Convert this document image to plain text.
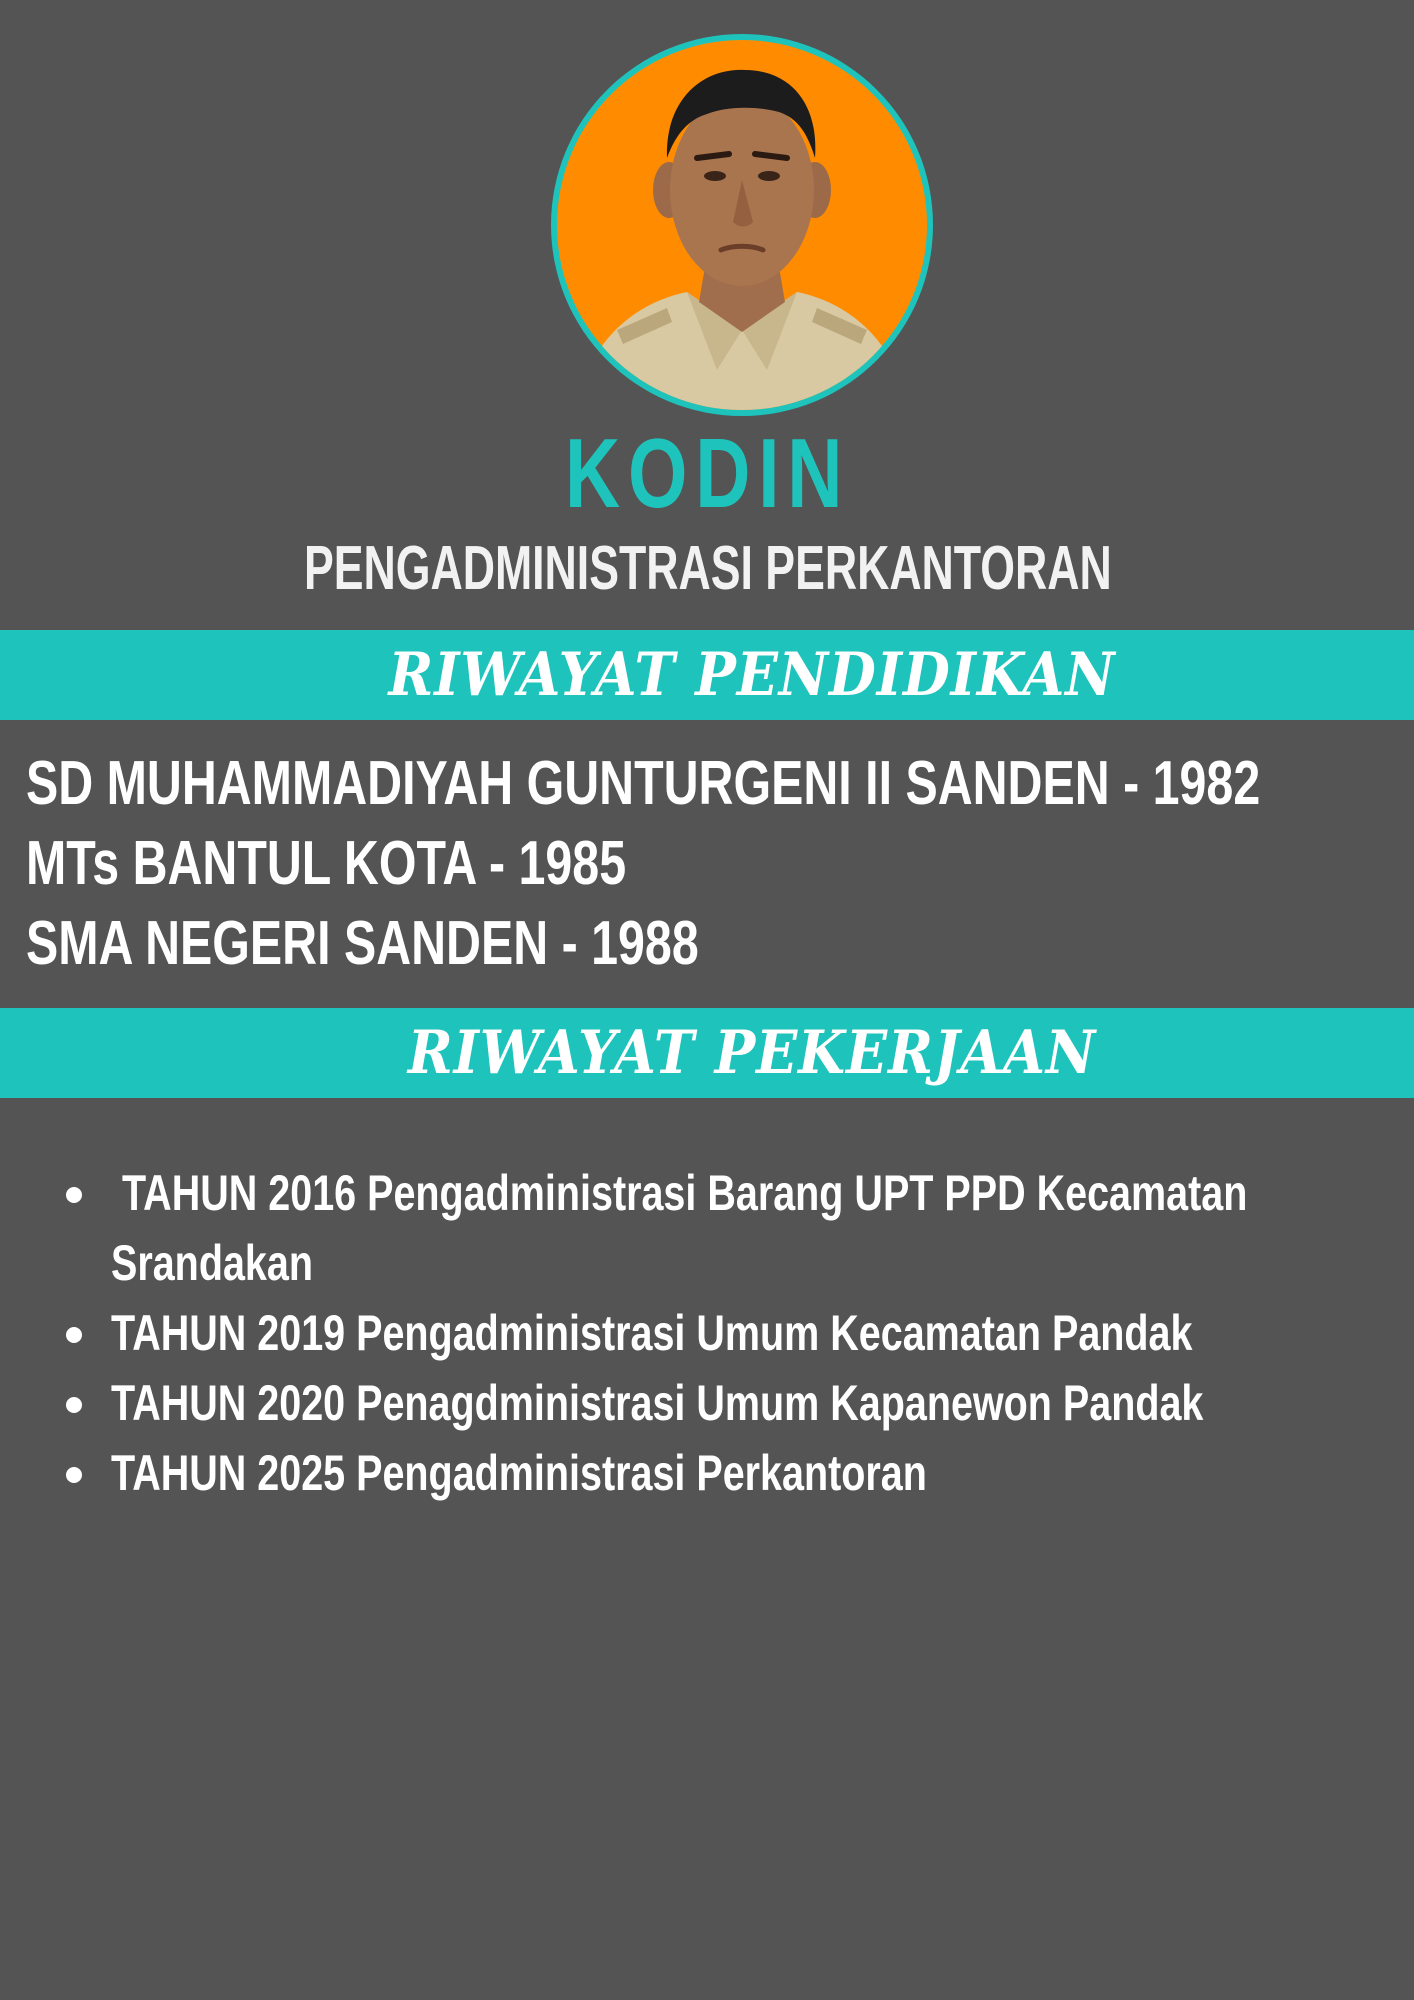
KODIN
PENGADMINISTRASI PERKANTORAN
RIWAYAT PENDIDIKAN
SD MUHAMMADIYAH GUNTURGENI II SANDEN - 1982
MTs BANTUL KOTA - 1985
SMA NEGERI SANDEN - 1988
RIWAYAT PEKERJAAN
TAHUN 2016 Pengadministrasi Barang UPT PPD Kecamatan Srandakan
TAHUN 2019 Pengadministrasi Umum Kecamatan Pandak
TAHUN 2020 Penagdministrasi Umum Kapanewon Pandak
TAHUN 2025 Pengadministrasi Perkantoran
